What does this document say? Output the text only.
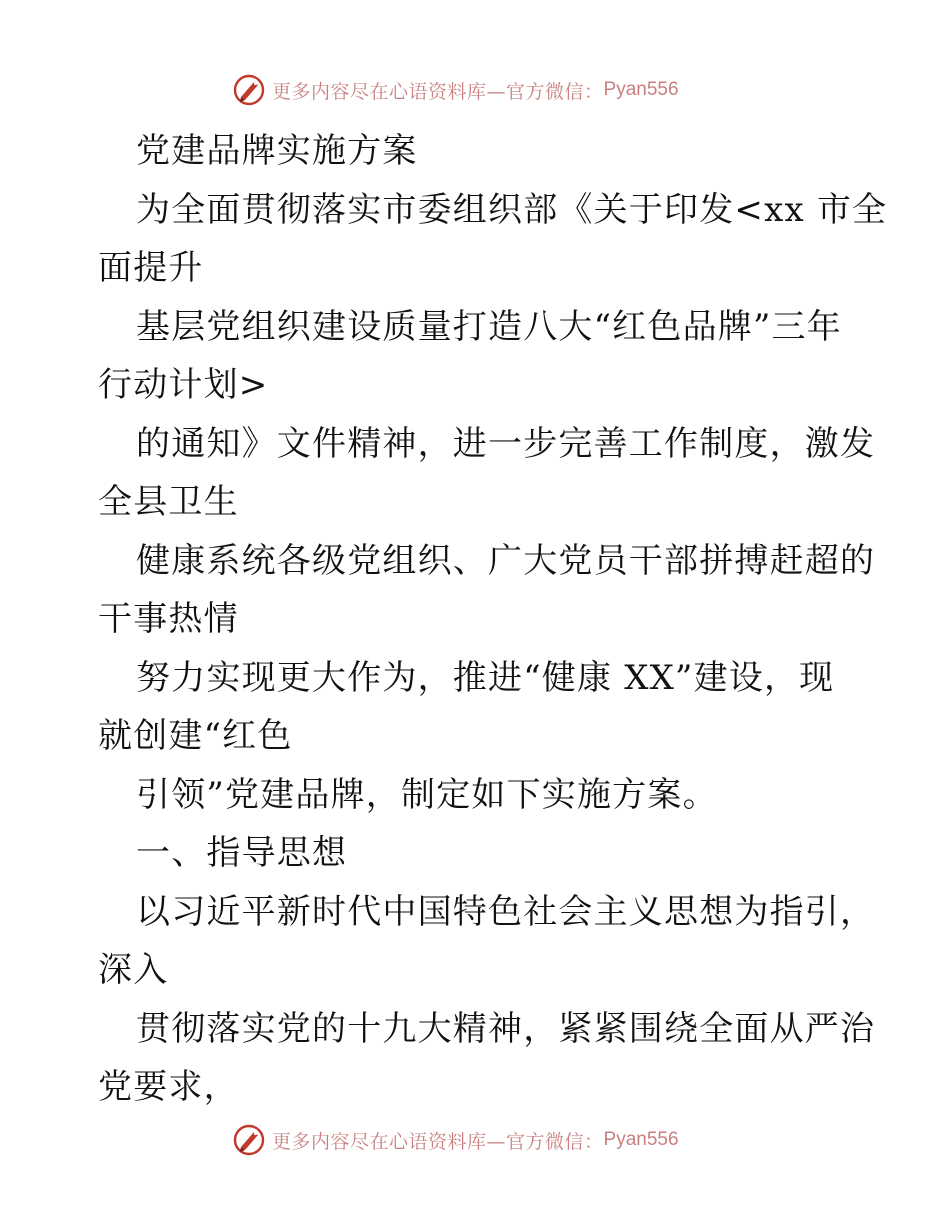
更多内容尽在心语资料库—官方微信： Pyan556
党建品牌实施方案
为全面贯彻落实市委组织部《关于印发<xx 市全
面提升
基层党组织建设质量打造八大“红色品牌”三年
行动计划>
的通知》文件精神，进一步完善工作制度，激发
全县卫生
健康系统各级党组织、广大党员干部拼搏赶超的
干事热情
努力实现更大作为，推进“健康 XX”建设，现
就创建“红色
引领”党建品牌，制定如下实施方案。
一、指导思想
以习近平新时代中国特色社会主义思想为指引，
深入
贯彻落实党的十九大精神，紧紧围绕全面从严治
党要求，
更多内容尽在心语资料库—官方微信： Pyan556
